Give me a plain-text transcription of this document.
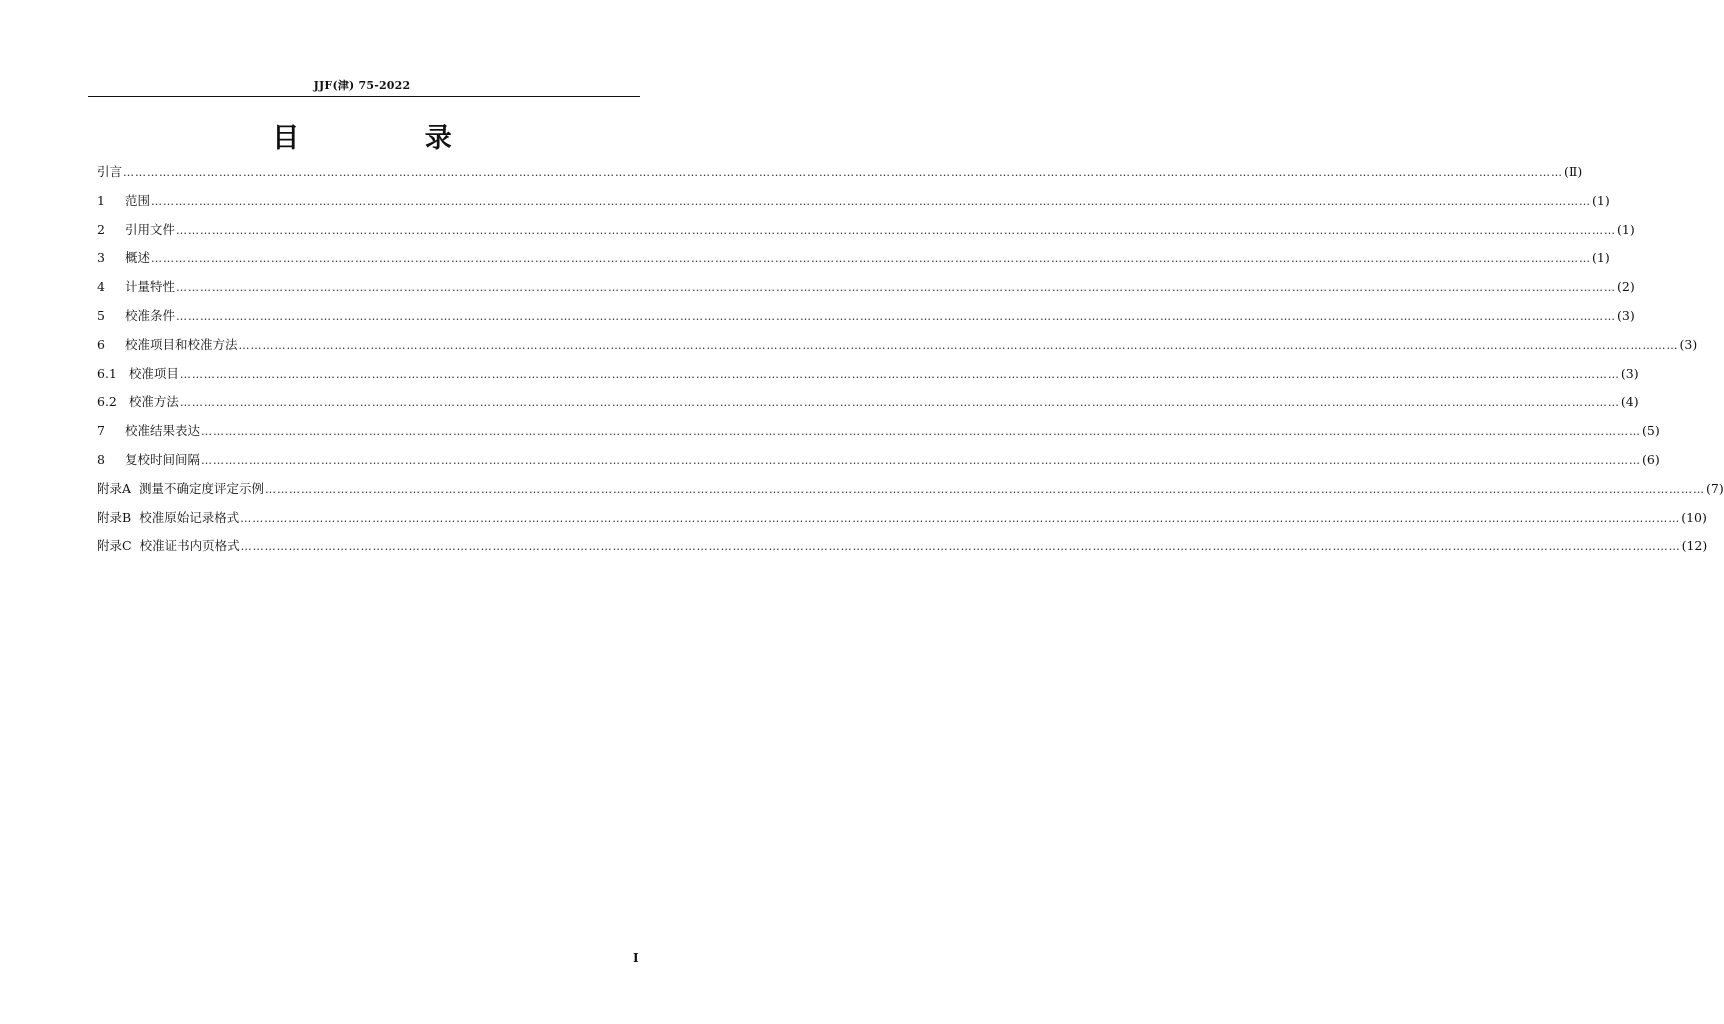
JJF(津) 75-2022
目 录
引言 ……………………………………………………………………………………………………………………………………………………………………………………………………………………………………………………………………………………………………………………………… (Ⅱ)
1 范围 ……………………………………………………………………………………………………………………………………………………………………………………………………………………………………………………………………………………………………………………………… (1)
2 引用文件 ……………………………………………………………………………………………………………………………………………………………………………………………………………………………………………………………………………………………………………………………… (1)
3 概述 ……………………………………………………………………………………………………………………………………………………………………………………………………………………………………………………………………………………………………………………………… (1)
4 计量特性 ……………………………………………………………………………………………………………………………………………………………………………………………………………………………………………………………………………………………………………………………… (2)
5 校准条件 ……………………………………………………………………………………………………………………………………………………………………………………………………………………………………………………………………………………………………………………………… (3)
6 校准项目和校准方法 ……………………………………………………………………………………………………………………………………………………………………………………………………………………………………………………………………………………………………………………………… (3)
6.1 校准项目 ……………………………………………………………………………………………………………………………………………………………………………………………………………………………………………………………………………………………………………………………… (3)
6.2 校准方法 ……………………………………………………………………………………………………………………………………………………………………………………………………………………………………………………………………………………………………………………………… (4)
7 校准结果表达 ……………………………………………………………………………………………………………………………………………………………………………………………………………………………………………………………………………………………………………………………… (5)
8 复校时间间隔 ……………………………………………………………………………………………………………………………………………………………………………………………………………………………………………………………………………………………………………………………… (6)
附录A 测量不确定度评定示例 ……………………………………………………………………………………………………………………………………………………………………………………………………………………………………………………………………………………………………………………………… (7)
附录B 校准原始记录格式 ……………………………………………………………………………………………………………………………………………………………………………………………………………………………………………………………………………………………………………………………… (10)
附录C 校准证书内页格式 ……………………………………………………………………………………………………………………………………………………………………………………………………………………………………………………………………………………………………………………………… (12)
I
